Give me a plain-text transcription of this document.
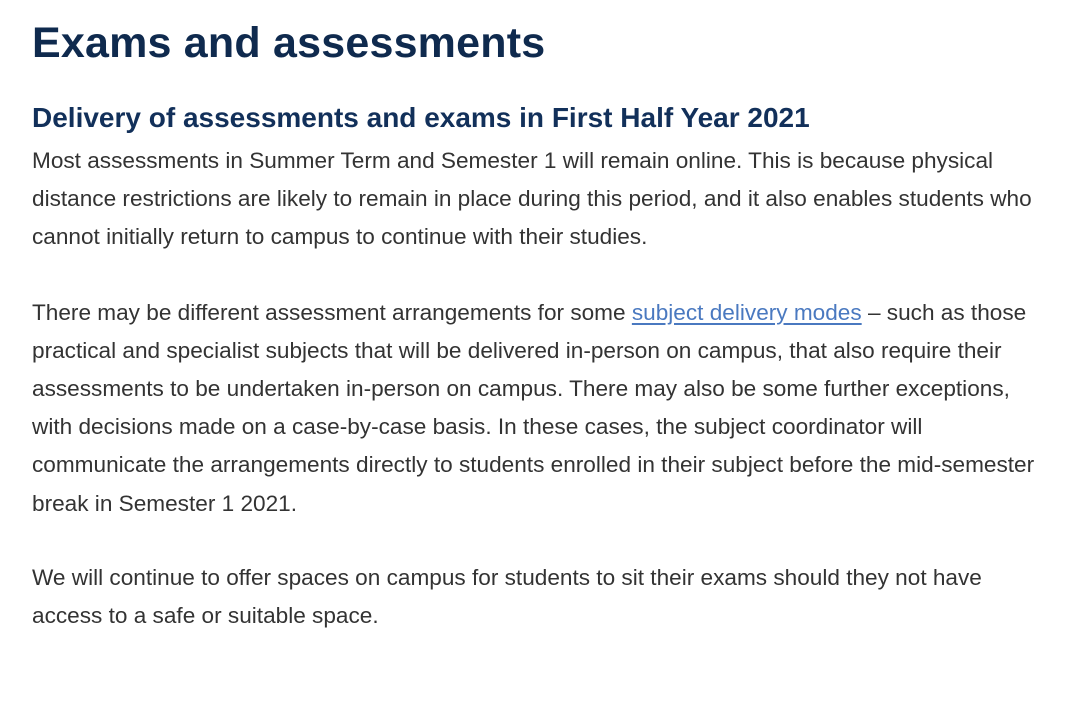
Exams and assessments
Delivery of assessments and exams in First Half Year 2021

Most assessments in Summer Term and Semester 1 will remain online. This is because physical distance restrictions are likely to remain in place during this period, and it also enables students who cannot initially return to campus to continue with their studies.

There may be different assessment arrangements for some subject delivery modes – such as those practical and specialist subjects that will be delivered in-person on campus, that also require their assessments to be undertaken in-person on campus. There may also be some further exceptions, with decisions made on a case-by-case basis. In these cases, the subject coordinator will communicate the arrangements directly to students enrolled in their subject before the mid-semester break in Semester 1 2021.

We will continue to offer spaces on campus for students to sit their exams should they not have access to a safe or suitable space.
